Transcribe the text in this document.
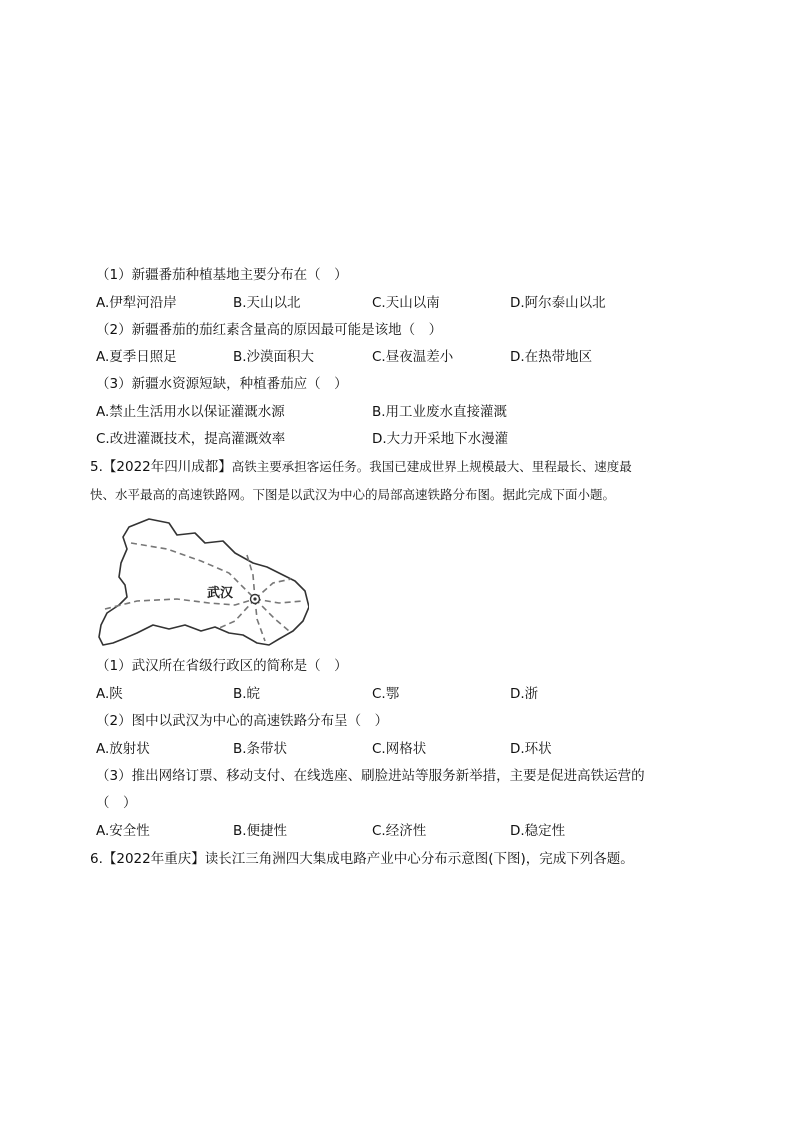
（1）新疆番茄种植基地主要分布在（　）
A.伊犁河沿岸	B.天山以北	C.天山以南	D.阿尔泰山以北
（2）新疆番茄的茄红素含量高的原因最可能是该地（　）
A.夏季日照足	B.沙漠面积大	C.昼夜温差小	D.在热带地区
（3）新疆水资源短缺，种植番茄应（　）
A.禁止生活用水以保证灌溉水源	B.用工业废水直接灌溉
C.改进灌溉技术，提高灌溉效率	D.大力开采地下水漫灌
5.【2022年四川成都】高铁主要承担客运任务。我国已建成世界上规模最大、里程最长、速度最
快、水平最高的高速铁路网。下图是以武汉为中心的局部高速铁路分布图。据此完成下面小题。
武汉
（1）武汉所在省级行政区的简称是（　）
A.陕	B.皖	C.鄂	D.浙
（2）图中以武汉为中心的高速铁路分布呈（　）
A.放射状	B.条带状	C.网格状	D.环状
（3）推出网络订票、移动支付、在线选座、刷脸进站等服务新举措，主要是促进高铁运营的
（　）
A.安全性	B.便捷性	C.经济性	D.稳定性
6.【2022年重庆】读长江三角洲四大集成电路产业中心分布示意图(下图)，完成下列各题。
